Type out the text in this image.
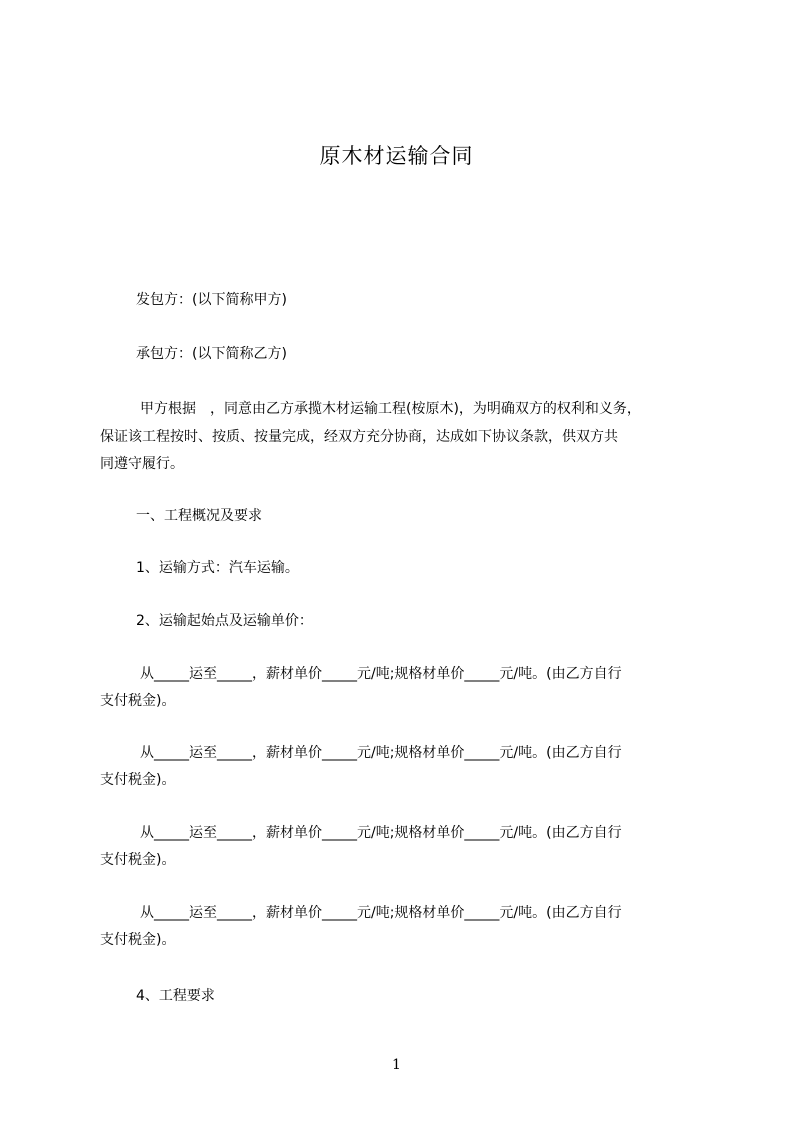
原木材运输合同
发包方：(以下简称甲方)
承包方：(以下简称乙方)
甲方根据　，同意由乙方承揽木材运输工程(桉原木)，为明确双方的权利和义务，
保证该工程按时、按质、按量完成，经双方充分协商，达成如下协议条款，供双方共
同遵守履行。
一、工程概况及要求
1、运输方式：汽车运输。
2、运输起始点及运输单价：
从_____运至_____，薪材单价_____元/吨;规格材单价_____元/吨。(由乙方自行
支付税金)。
从_____运至_____，薪材单价_____元/吨;规格材单价_____元/吨。(由乙方自行
支付税金)。
从_____运至_____，薪材单价_____元/吨;规格材单价_____元/吨。(由乙方自行
支付税金)。
从_____运至_____，薪材单价_____元/吨;规格材单价_____元/吨。(由乙方自行
支付税金)。
4、工程要求
1
